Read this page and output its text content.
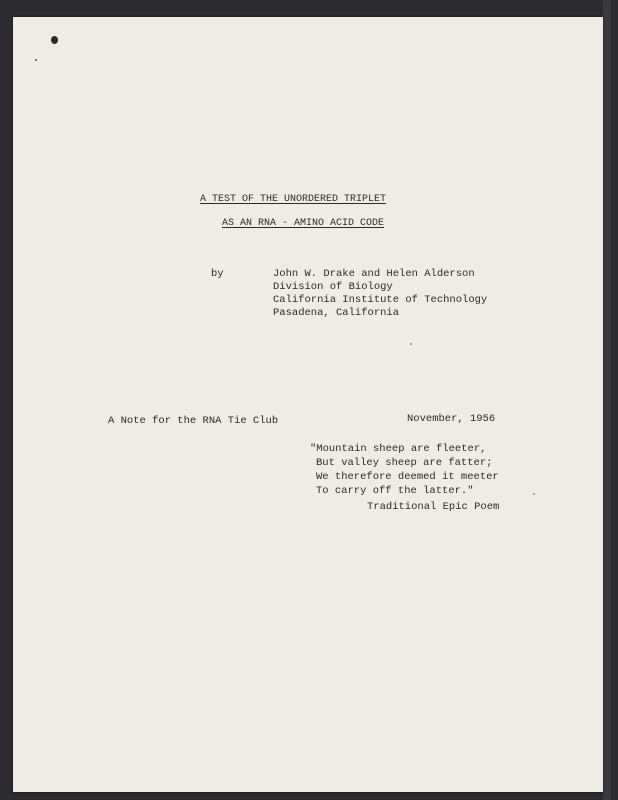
A TEST OF THE UNORDERED TRIPLET
AS AN RNA - AMINO ACID CODE
by	John W. Drake and Helen Alderson
Division of Biology
California Institute of Technology
Pasadena, California
A Note for the RNA Tie Club	November, 1956
"Mountain sheep are fleeter,
But valley sheep are fatter;
We therefore deemed it meeter
To carry off the latter."
Traditional Epic Poem
